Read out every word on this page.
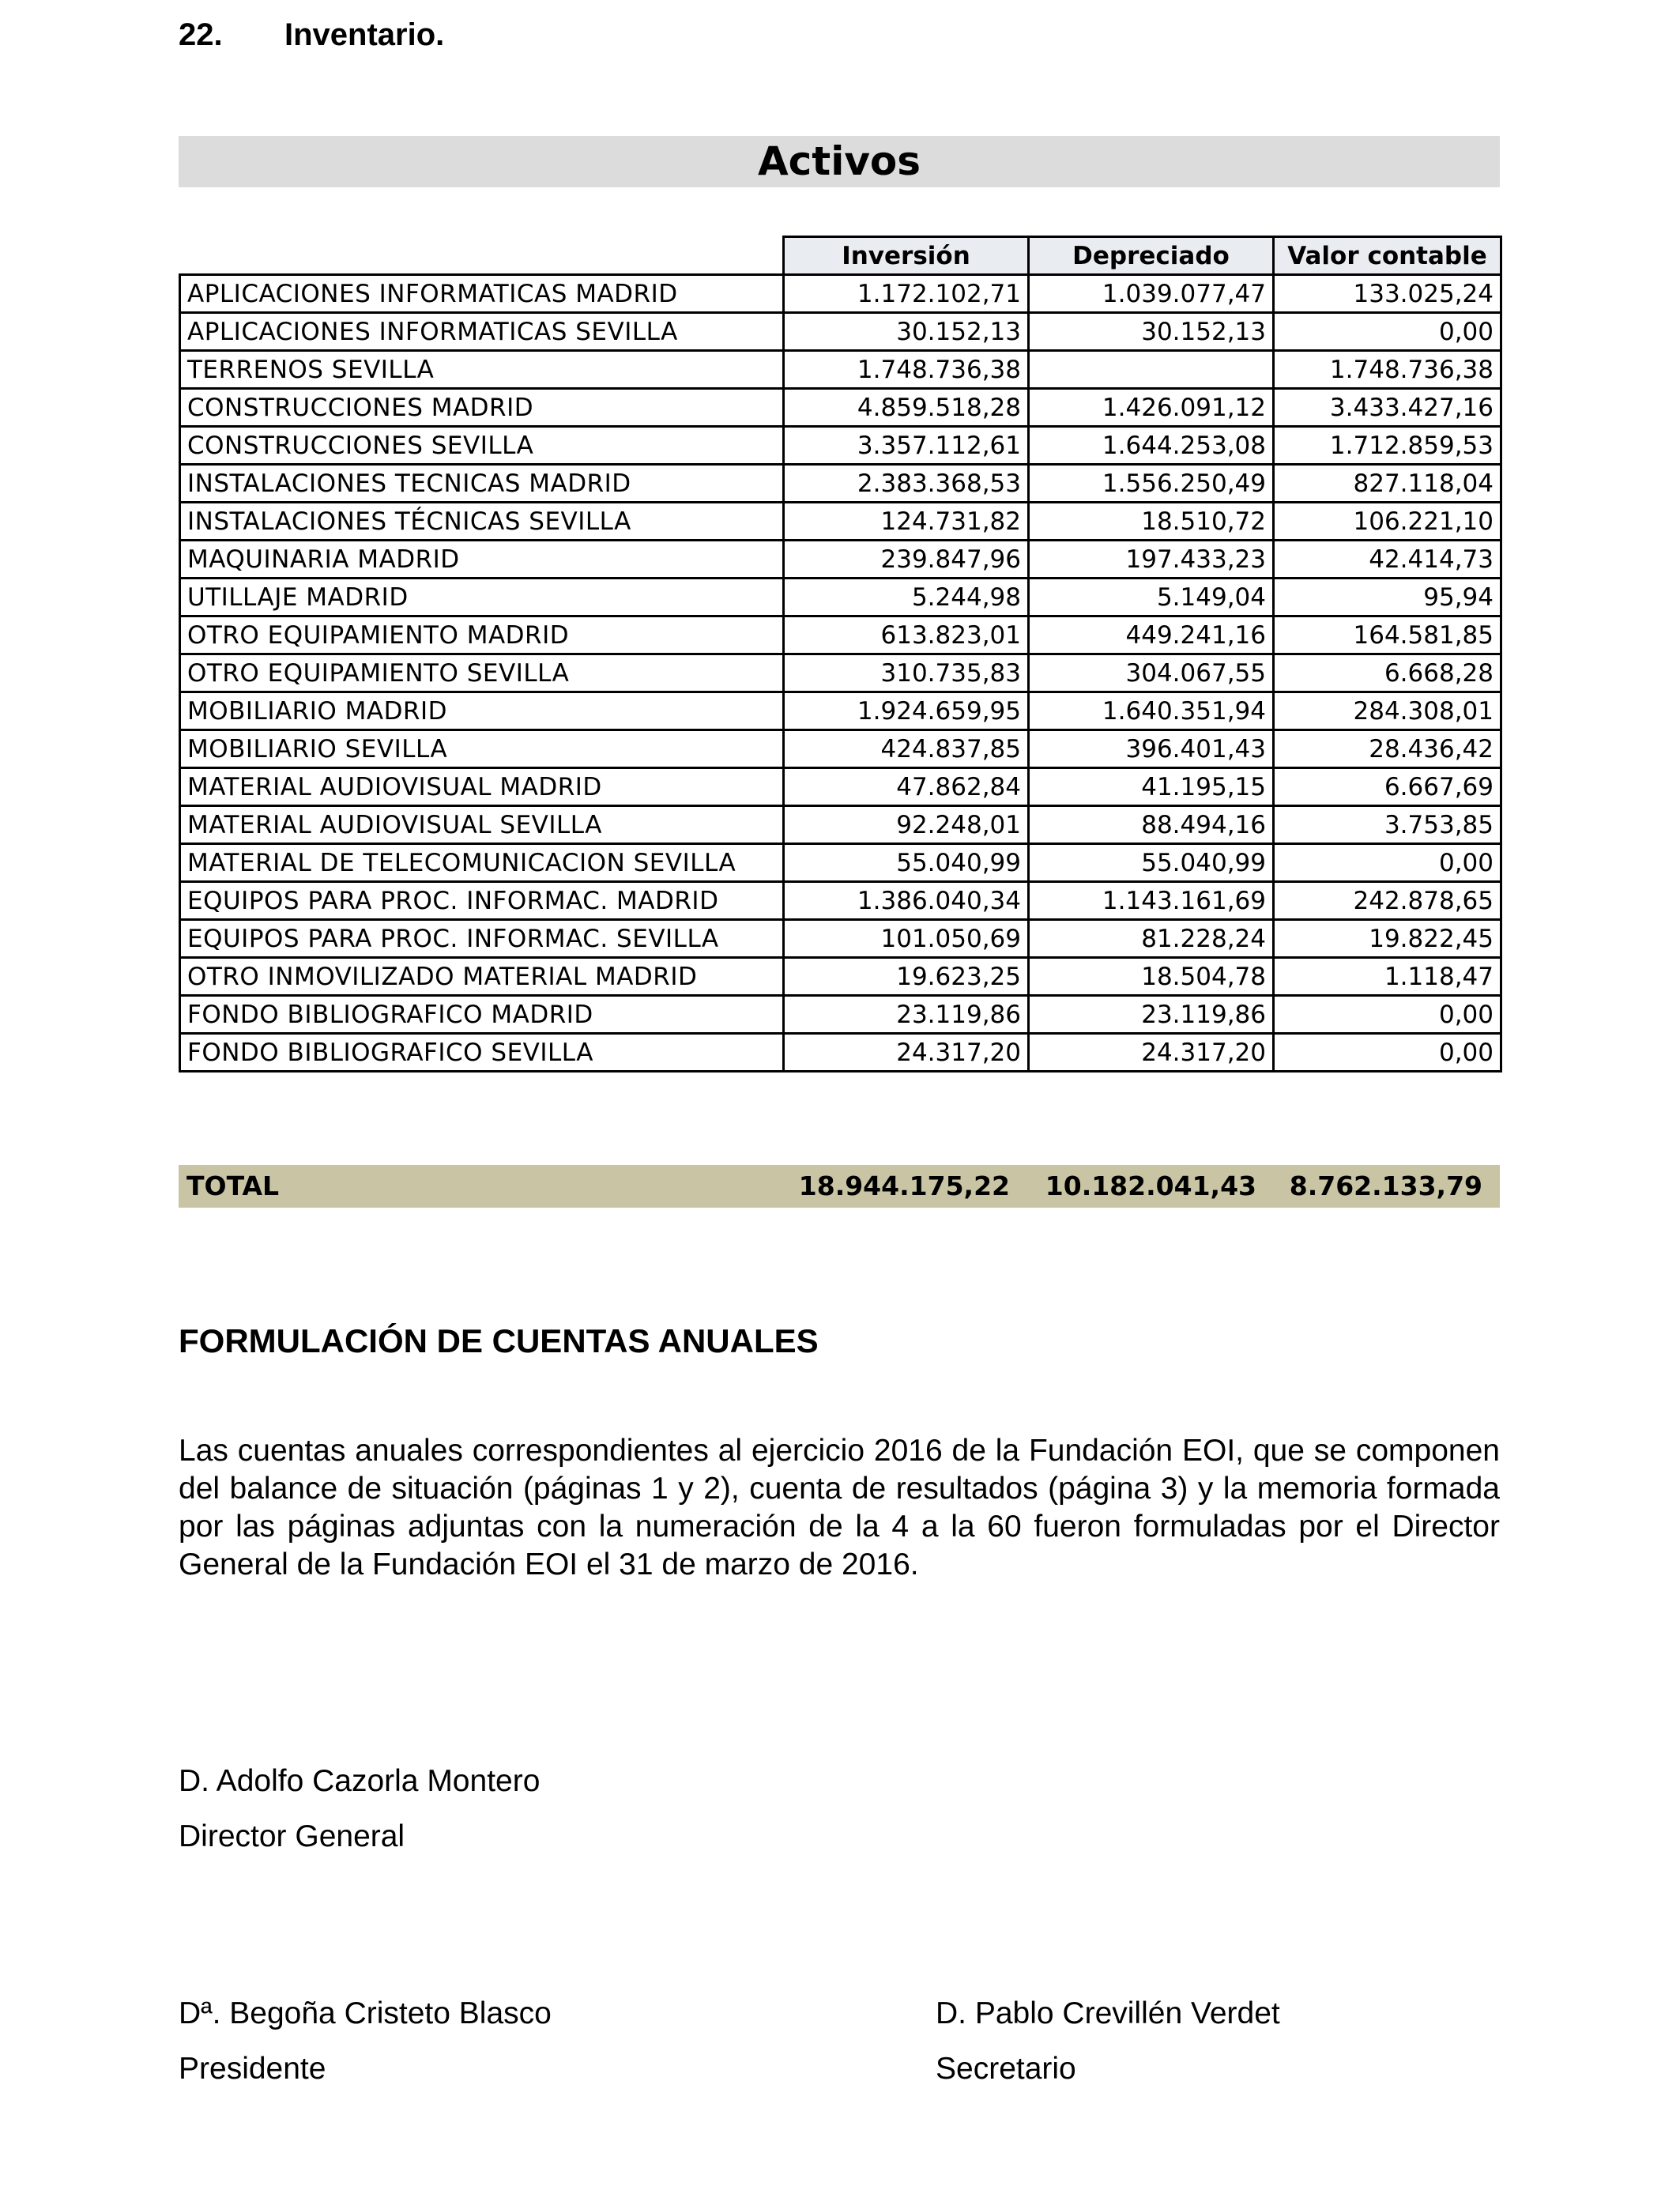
22. Inventario.
Activos
	Inversión	Depreciado	Valor contable
APLICACIONES INFORMATICAS MADRID	1.172.102,71	1.039.077,47	133.025,24
APLICACIONES INFORMATICAS SEVILLA	30.152,13	30.152,13	0,00
TERRENOS SEVILLA	1.748.736,38		1.748.736,38
CONSTRUCCIONES MADRID	4.859.518,28	1.426.091,12	3.433.427,16
CONSTRUCCIONES SEVILLA	3.357.112,61	1.644.253,08	1.712.859,53
INSTALACIONES TECNICAS MADRID	2.383.368,53	1.556.250,49	827.118,04
INSTALACIONES TÉCNICAS SEVILLA	124.731,82	18.510,72	106.221,10
MAQUINARIA MADRID	239.847,96	197.433,23	42.414,73
UTILLAJE MADRID	5.244,98	5.149,04	95,94
OTRO EQUIPAMIENTO MADRID	613.823,01	449.241,16	164.581,85
OTRO EQUIPAMIENTO SEVILLA	310.735,83	304.067,55	6.668,28
MOBILIARIO MADRID	1.924.659,95	1.640.351,94	284.308,01
MOBILIARIO SEVILLA	424.837,85	396.401,43	28.436,42
MATERIAL AUDIOVISUAL MADRID	47.862,84	41.195,15	6.667,69
MATERIAL AUDIOVISUAL SEVILLA	92.248,01	88.494,16	3.753,85
MATERIAL DE TELECOMUNICACION SEVILLA	55.040,99	55.040,99	0,00
EQUIPOS PARA PROC. INFORMAC. MADRID	1.386.040,34	1.143.161,69	242.878,65
EQUIPOS PARA PROC. INFORMAC. SEVILLA	101.050,69	81.228,24	19.822,45
OTRO INMOVILIZADO MATERIAL MADRID	19.623,25	18.504,78	1.118,47
FONDO BIBLIOGRAFICO MADRID	23.119,86	23.119,86	0,00
FONDO BIBLIOGRAFICO SEVILLA	24.317,20	24.317,20	0,00
TOTAL	18.944.175,22 10.182.041,43 8.762.133,79
FORMULACIÓN DE CUENTAS ANUALES
Las cuentas anuales correspondientes al ejercicio 2016 de la Fundación EOI, que se componen del balance de situación (páginas 1 y 2), cuenta de resultados (página 3) y la memoria formada por las páginas adjuntas con la numeración de la 4 a la 60 fueron formuladas por el Director General de la Fundación EOI el 31 de marzo de 2016.
D. Adolfo Cazorla Montero
Director General
Dª. Begoña Cristeto Blasco
Presidente
D. Pablo Crevillén Verdet
Secretario
